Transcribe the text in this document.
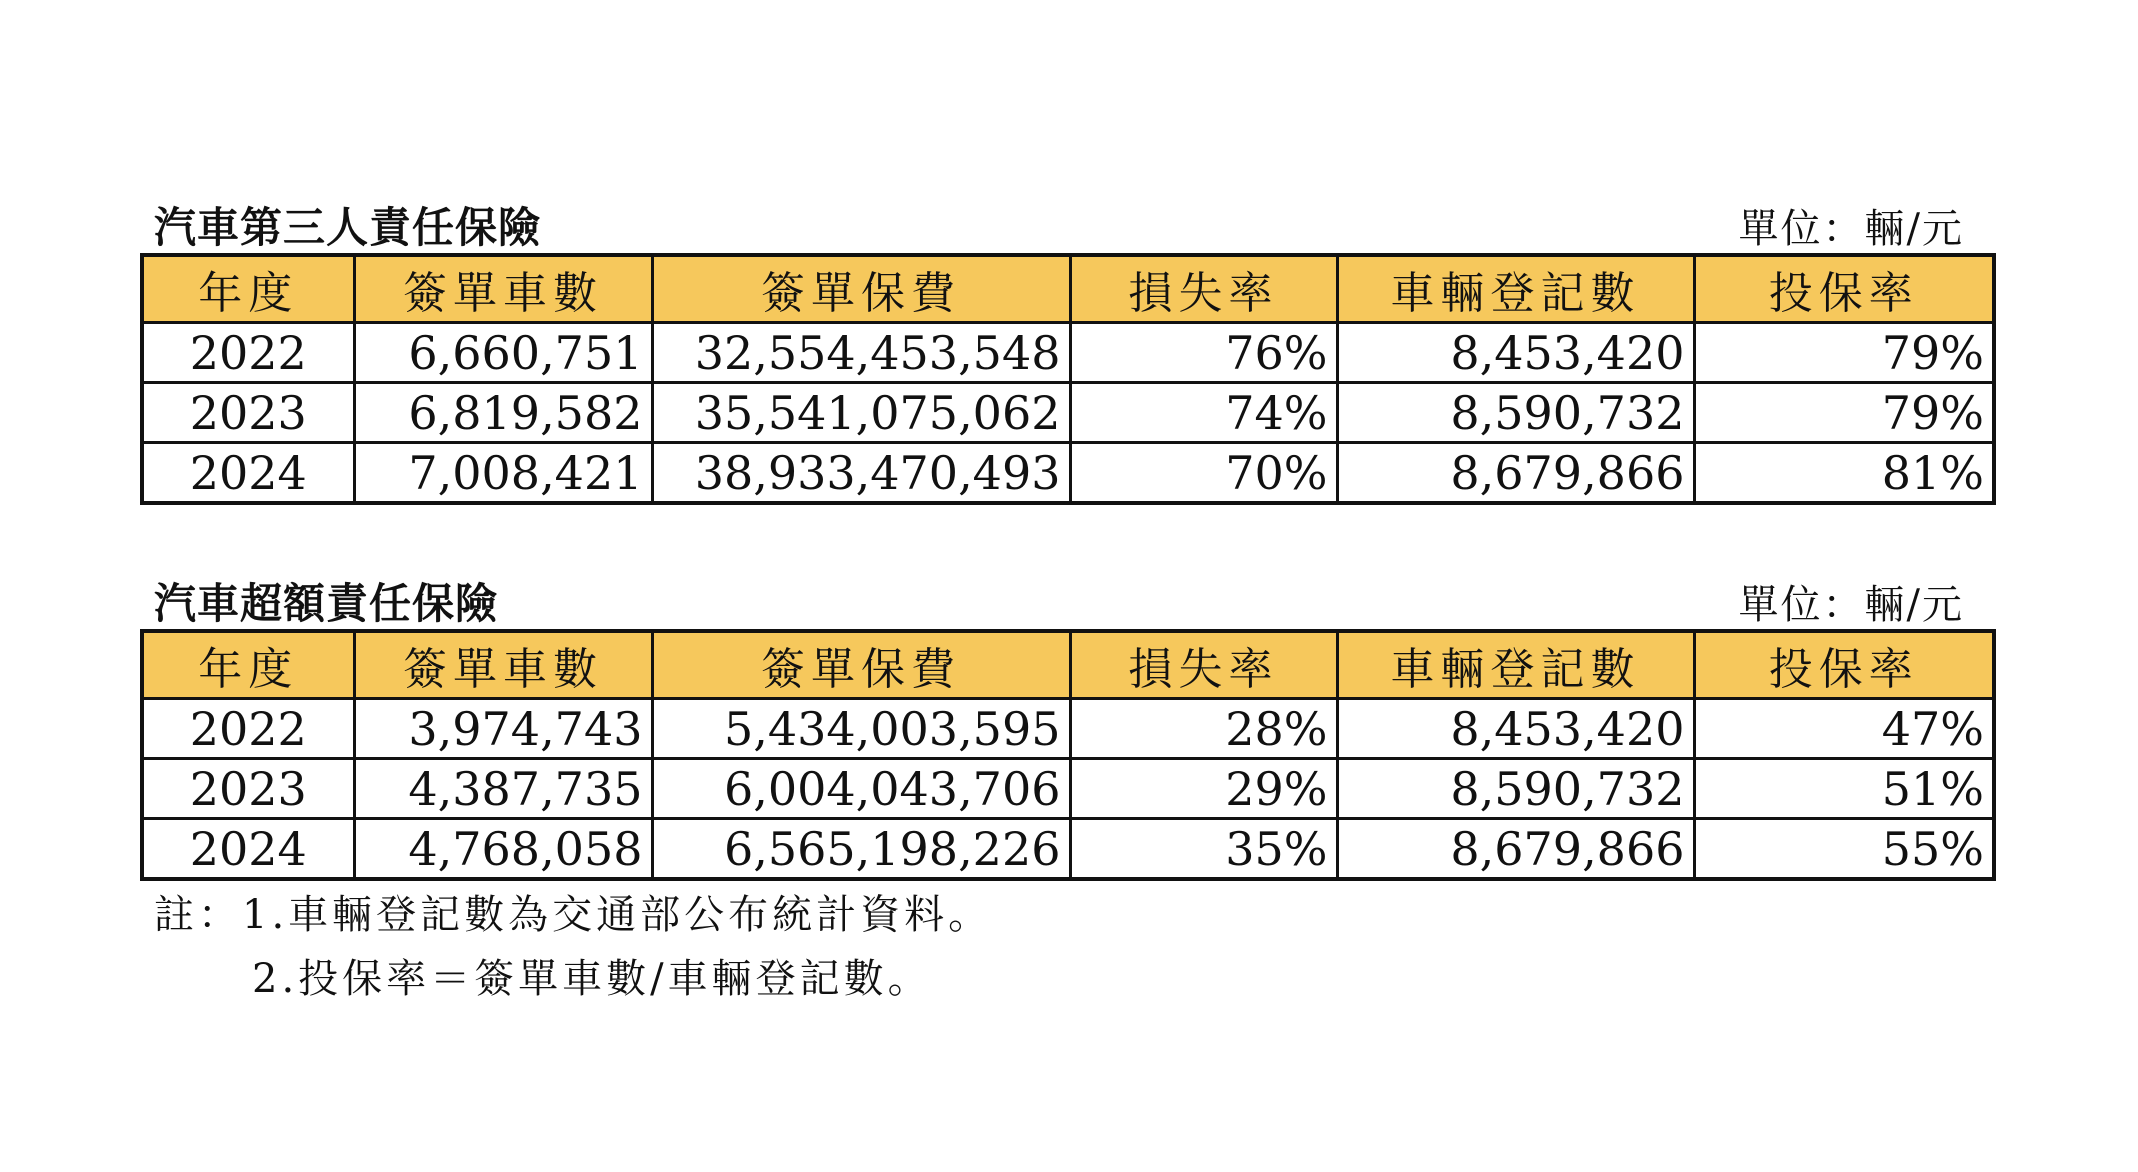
汽車第三人責任保險	單位：輛/元
年度	簽單車數	簽單保費	損失率	車輛登記數	投保率
2022	6,660,751	32,554,453,548	76%	8,453,420	79%
2023	6,819,582	35,541,075,062	74%	8,590,732	79%
2024	7,008,421	38,933,470,493	70%	8,679,866	81%
汽車超額責任保險	單位：輛/元
年度	簽單車數	簽單保費	損失率	車輛登記數	投保率
2022	3,974,743	5,434,003,595	28%	8,453,420	47%
2023	4,387,735	6,004,043,706	29%	8,590,732	51%
2024	4,768,058	6,565,198,226	35%	8,679,866	55%
註：1.車輛登記數為交通部公布統計資料。
2.投保率＝簽單車數/車輛登記數。
